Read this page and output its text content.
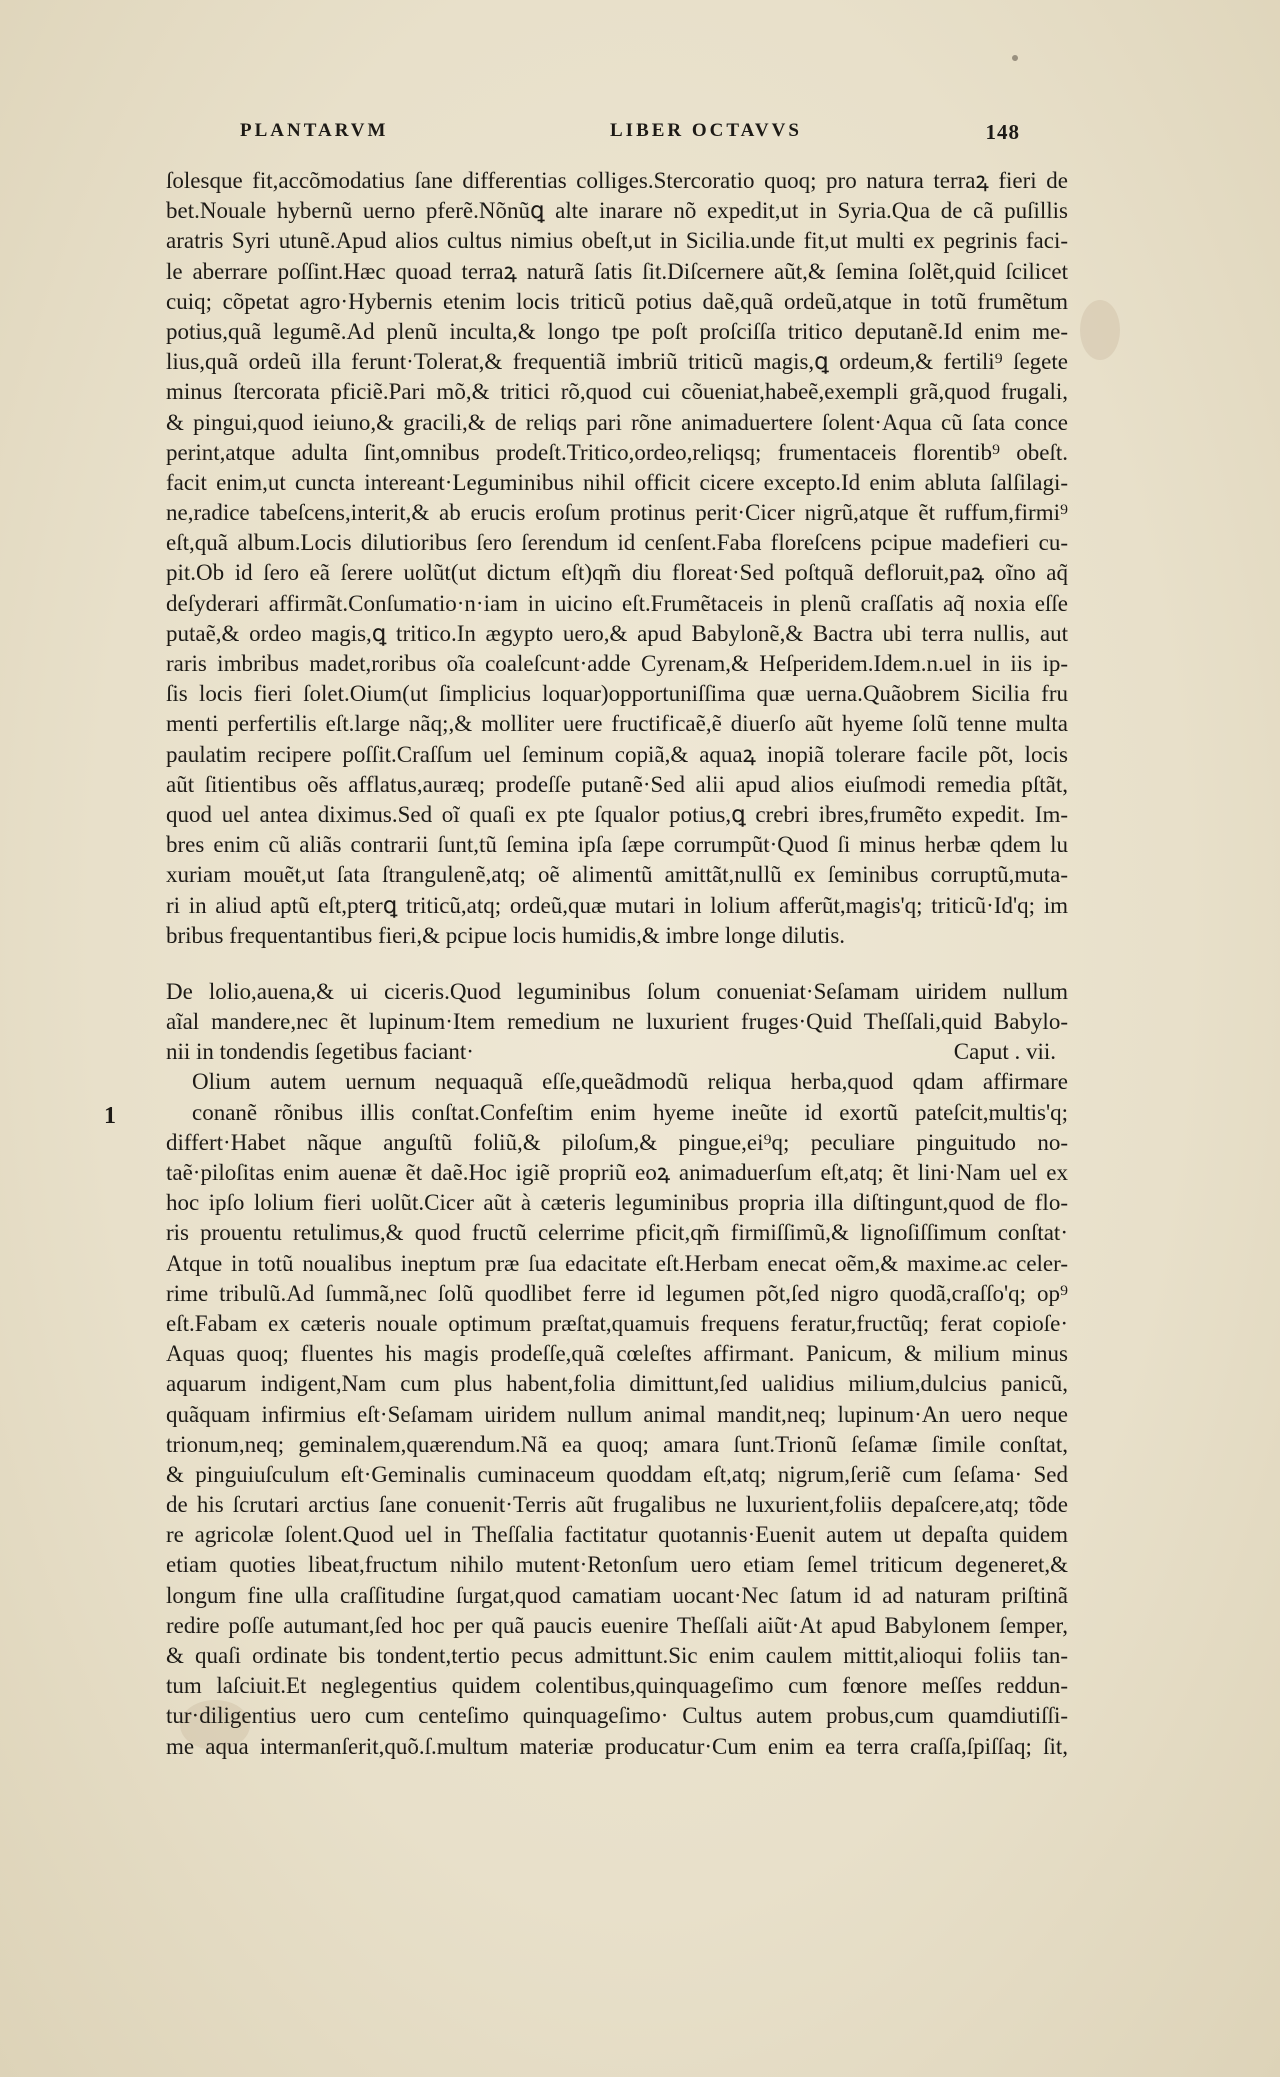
PLANTARVM	LIBER OCTAVVS	148
1
ſolesque fit,accõmodatius ſane differentias colliges.Stercoratio quoq; pro natura terraꝝ fieri de
bet.Nouale hybernũ uerno pferẽ.Nõnũꝗ alte inarare nõ expedit,ut in Syria.Qua de cã puſillis
aratris Syri utunẽ.Apud alios cultus nimius obeſt,ut in Sicilia.unde fit,ut multi ex pegrinis faci-
le aberrare poſſint.Hæc quoad terraꝝ naturã ſatis ſit.Diſcernere aũt,& ſemina ſolẽt,quid ſcilicet
cuiq; cõpetat agro·Hybernis etenim locis triticũ potius daẽ,quã ordeũ,atque in totũ frumẽtum
potius,quã legumẽ.Ad plenũ inculta,& longo tpe poſt proſciſſa tritico deputanẽ.Id enim me-
lius,quã ordeũ illa ferunt·Tolerat,& frequentiã imbriũ triticũ magis,ꝗ ordeum,& fertili⁹ ſegete
minus ſtercorata pficiẽ.Pari mõ,& tritici rõ,quod cui cõueniat,habeẽ,exempli grã,quod frugali,
& pingui,quod ieiuno,& gracili,& de reliqs pari rõne animaduertere ſolent·Aqua cũ ſata conce
perint,atque adulta ſint,omnibus prodeſt.Tritico,ordeo,reliqsq; frumentaceis florentib⁹ obeſt.
facit enim,ut cuncta intereant·Leguminibus nihil officit cicere excepto.Id enim abluta ſalſilagi-
ne,radice tabeſcens,interit,& ab erucis eroſum protinus perit·Cicer nigrũ,atque ẽt ruffum,firmi⁹
eſt,quã album.Locis dilutioribus ſero ſerendum id cenſent.Faba floreſcens pcipue madefieri cu-
pit.Ob id ſero eã ſerere uolũt(ut dictum eſt)qm̃ diu floreat·Sed poſtquã defloruit,paꝝ oĩno aq̃
deſyderari affirmãt.Conſumatio·n·iam in uicino eſt.Frumẽtaceis in plenũ craſſatis aq̃ noxia eſſe
putaẽ,& ordeo magis,ꝗ tritico.In ægypto uero,& apud Babylonẽ,& Bactra ubi terra nullis, aut
raris imbribus madet,roribus oĩa coaleſcunt·adde Cyrenam,& Heſperidem.Idem.n.uel in iis ip-
ſis locis fieri ſolet.Oium(ut ſimplicius loquar)opportuniſſima quæ uerna.Quãobrem Sicilia fru
menti perfertilis eſt.large nãq;,& molliter uere fructificaẽ,ẽ diuerſo aũt hyeme ſolũ tenne multa
paulatim recipere poſſit.Craſſum uel ſeminum copiã,& aquaꝝ inopiã tolerare facile põt, locis
aũt ſitientibus oẽs afflatus,auræq; prodeſſe putanẽ·Sed alii apud alios eiuſmodi remedia pſtãt,
quod uel antea diximus.Sed oĩ quaſi ex pte ſqualor potius,ꝗ crebri ibres,frumẽto expedit. Im-
bres enim cũ aliãs contrarii ſunt,tũ ſemina ipſa ſæpe corrumpũt·Quod ſi minus herbæ qdem lu
xuriam mouẽt,ut ſata ſtrangulenẽ,atq; oẽ alimentũ amittãt,nullũ ex ſeminibus corruptũ,muta-
ri in aliud aptũ eſt,pterꝗ triticũ,atq; ordeũ,quæ mutari in lolium afferũt,magis'q; triticũ·Id'q; im
bribus frequentantibus fieri,& pcipue locis humidis,& imbre longe dilutis.
De lolio,auena,& ui ciceris.Quod leguminibus ſolum conueniat·Seſamam uiridem nullum
aĩal mandere,nec ẽt lupinum·Item remedium ne luxurient fruges·Quid Theſſali,quid Babylo-
nii in tondendis ſegetibus faciant·	Caput . vii.
Olium autem uernum nequaquã eſſe,queãdmodũ reliqua herba,quod qdam affirmare
conanẽ rõnibus illis conſtat.Confeſtim enim hyeme ineũte id exortũ pateſcit,multis'q;
differt·Habet nãque anguſtũ foliũ,& piloſum,& pingue,ei⁹q; peculiare pinguitudo no-
taẽ·piloſitas enim auenæ ẽt daẽ.Hoc igiẽ propriũ eoꝝ animaduerſum eſt,atq; ẽt lini·Nam uel ex
hoc ipſo lolium fieri uolũt.Cicer aũt à cæteris leguminibus propria illa diſtingunt,quod de flo-
ris prouentu retulimus,& quod fructũ celerrime pficit,qm̃ firmiſſimũ,& lignoſiſſimum conſtat·
Atque in totũ noualibus ineptum præ ſua edacitate eſt.Herbam enecat oẽm,& maxime.ac celer-
rime tribulũ.Ad ſummã,nec ſolũ quodlibet ferre id legumen põt,ſed nigro quodã,craſſo'q; op⁹
eſt.Fabam ex cæteris nouale optimum præſtat,quamuis frequens feratur,fructũq; ferat copioſe·
Aquas quoq; fluentes his magis prodeſſe,quã cœleſtes affirmant. Panicum, & milium minus
aquarum indigent,Nam cum plus habent,folia dimittunt,ſed ualidius milium,dulcius panicũ,
quãquam infirmius eſt·Seſamam uiridem nullum animal mandit,neq; lupinum·An uero neque
trionum,neq; geminalem,quærendum.Nã ea quoq; amara ſunt.Trionũ ſeſamæ ſimile conſtat,
& pinguiuſculum eſt·Geminalis cuminaceum quoddam eſt,atq; nigrum,ſeriẽ cum ſeſama· Sed
de his ſcrutari arctius ſane conuenit·Terris aũt frugalibus ne luxurient,foliis depaſcere,atq; tõde
re agricolæ ſolent.Quod uel in Theſſalia factitatur quotannis·Euenit autem ut depaſta quidem
etiam quoties libeat,fructum nihilo mutent·Retonſum uero etiam ſemel triticum degeneret,&
longum fine ulla craſſitudine ſurgat,quod camatiam uocant·Nec ſatum id ad naturam priſtinã
redire poſſe autumant,ſed hoc per quã paucis euenire Theſſali aiũt·At apud Babylonem ſemper,
& quaſi ordinate bis tondent,tertio pecus admittunt.Sic enim caulem mittit,alioqui foliis tan-
tum laſciuit.Et neglegentius quidem colentibus,quinquageſimo cum fœnore meſſes reddun-
tur·diligentius uero cum centeſimo quinquageſimo· Cultus autem probus,cum quamdiutiſſi-
me aqua intermanſerit,quõ.ſ.multum materiæ producatur·Cum enim ea terra craſſa,ſpiſſaq; ſit,
